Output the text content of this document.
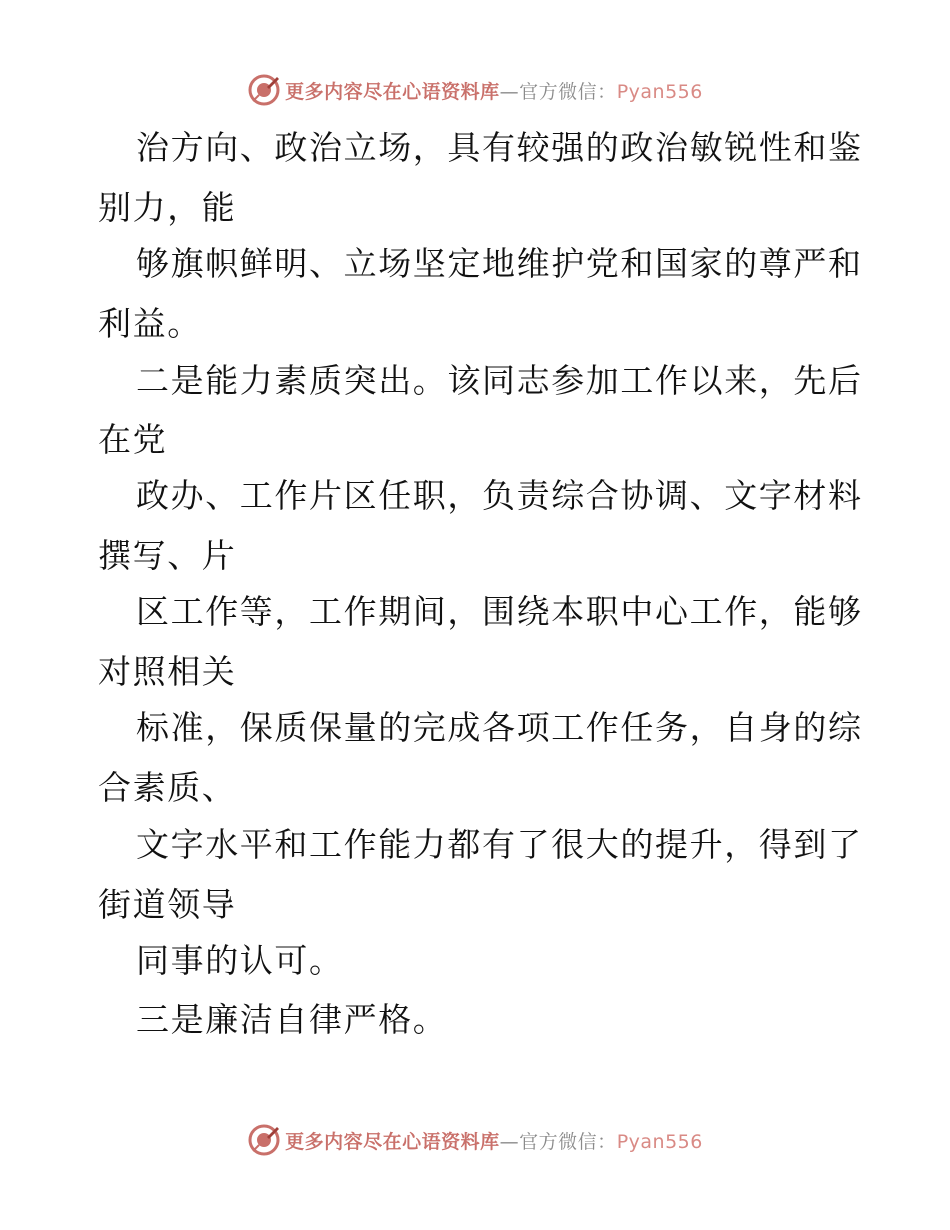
更多内容尽在心语资料库—官方微信：Pyan556
治方向、政治立场，具有较强的政治敏锐性和鉴
别力，能
够旗帜鲜明、立场坚定地维护党和国家的尊严和
利益。
二是能力素质突出。该同志参加工作以来，先后
在党
政办、工作片区任职，负责综合协调、文字材料
撰写、片
区工作等，工作期间，围绕本职中心工作，能够
对照相关
标准，保质保量的完成各项工作任务，自身的综
合素质、
文字水平和工作能力都有了很大的提升，得到了
街道领导
同事的认可。
三是廉洁自律严格。
更多内容尽在心语资料库—官方微信：Pyan556
